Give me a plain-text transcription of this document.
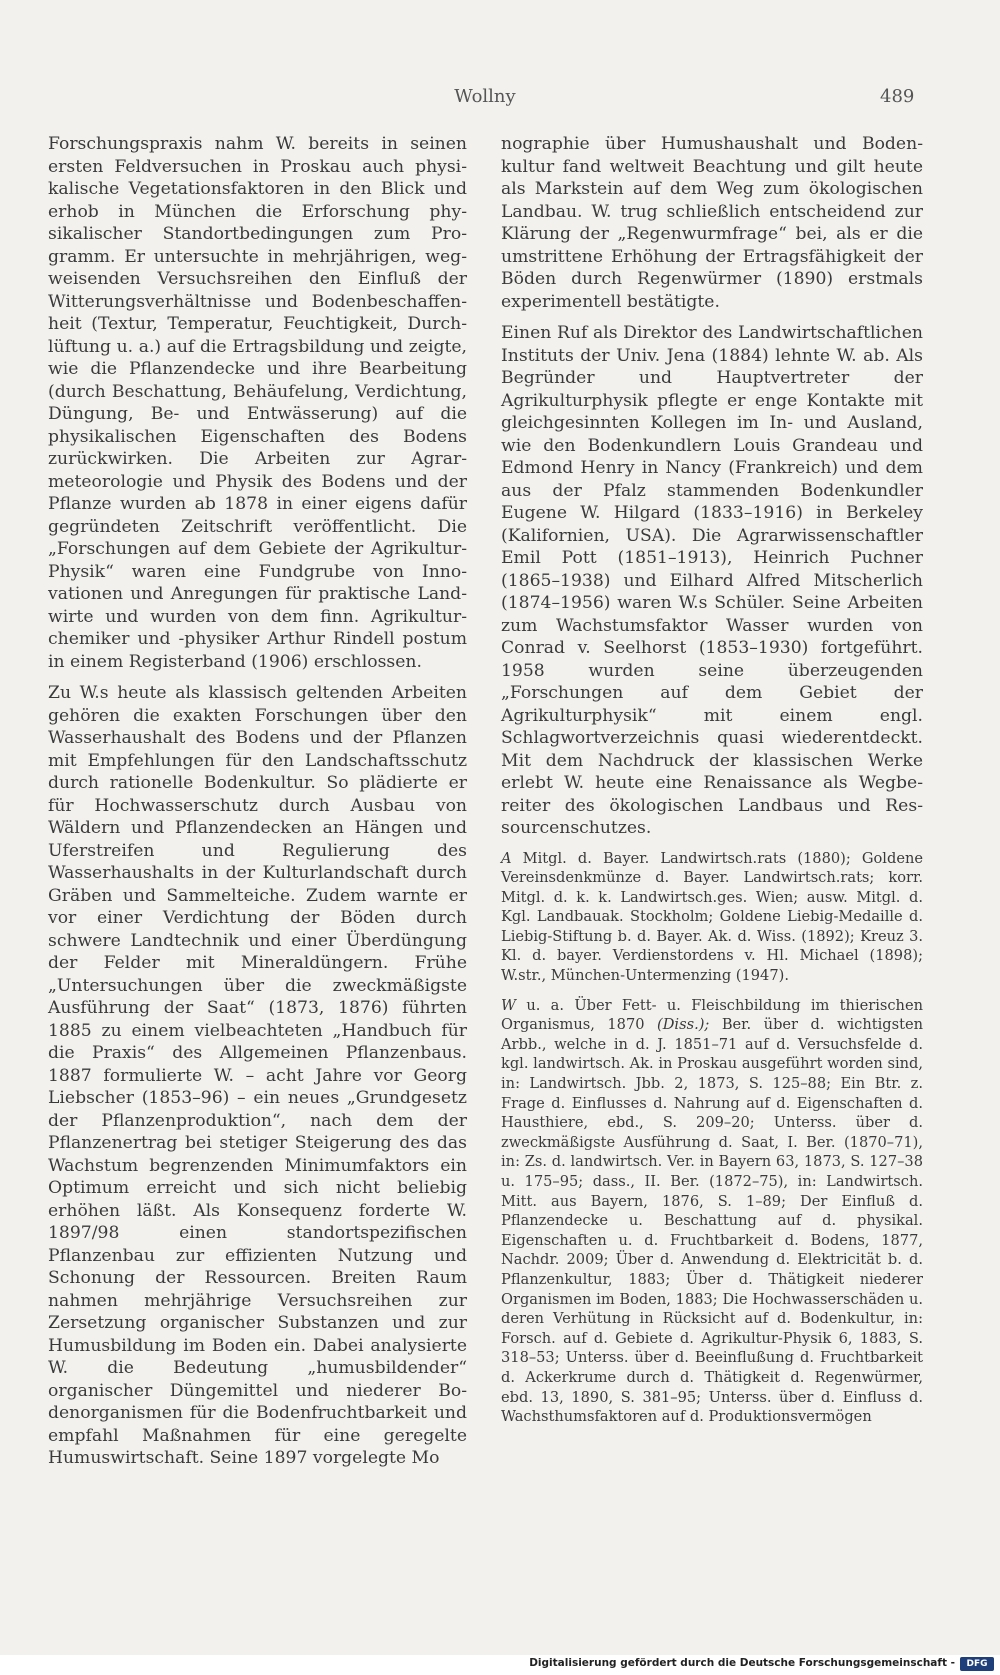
Wollny	489

Forschungspraxis nahm W. bereits in seinen ersten Feldversuchen in Proskau auch physikalische Vegetationsfaktoren in den Blick und erhob in München die Erforschung physikalischer Standortbedingungen zum Programm. Er untersuchte in mehrjährigen, wegweisenden Versuchsreihen den Einfluß der Witterungsverhältnisse und Bodenbeschaffenheit (Textur, Temperatur, Feuchtigkeit, Durchlüftung u. a.) auf die Ertragsbildung und zeigte, wie die Pflanzendecke und ihre Bearbeitung (durch Beschattung, Behäufelung, Verdichtung, Düngung, Be- und Entwässerung) auf die physikalischen Eigenschaften des Bodens zurückwirken. Die Arbeiten zur Agrarmeteorologie und Physik des Bodens und der Pflanze wurden ab 1878 in einer eigens dafür gegründeten Zeitschrift veröffentlicht. Die „Forschungen auf dem Gebiete der Agrikultur-Physik“ waren eine Fundgrube von Innovationen und Anregungen für praktische Landwirte und wurden von dem finn. Agrikulturchemiker und -physiker Arthur Rindell postum in einem Registerband (1906) erschlossen.

Zu W.s heute als klassisch geltenden Arbeiten gehören die exakten Forschungen über den Wasserhaushalt des Bodens und der Pflanzen mit Empfehlungen für den Landschaftsschutz durch rationelle Bodenkultur. So plädierte er für Hochwasserschutz durch Ausbau von Wäldern und Pflanzendecken an Hängen und Uferstreifen und Regulierung des Wasserhaushalts in der Kulturlandschaft durch Gräben und Sammelteiche. Zudem warnte er vor einer Verdichtung der Böden durch schwere Landtechnik und einer Überdüngung der Felder mit Mineraldüngern. Frühe „Untersuchungen über die zweckmäßigste Ausführung der Saat“ (1873, 1876) führten 1885 zu einem vielbeachteten „Handbuch für die Praxis“ des Allgemeinen Pflanzenbaus. 1887 formulierte W. – acht Jahre vor Georg Liebscher (1853–96) – ein neues „Grundgesetz der Pflanzenproduktion“, nach dem der Pflanzenertrag bei stetiger Steigerung des das Wachstum begrenzenden Minimumfaktors ein Optimum erreicht und sich nicht beliebig erhöhen läßt. Als Konsequenz forderte W. 1897/98 einen standortspezifischen Pflanzenbau zur effizienten Nutzung und Schonung der Ressourcen. Breiten Raum nahmen mehrjährige Versuchsreihen zur Zersetzung organischer Substanzen und zur Humusbildung im Boden ein. Dabei analysierte W. die Bedeutung „humusbildender“ organischer Düngemittel und niederer Bodenorganismen für die Bodenfruchtbarkeit und empfahl Maßnahmen für eine geregelte Humuswirtschaft. Seine 1897 vorgelegte Mo

nographie über Humushaushalt und Bodenkultur fand weltweit Beachtung und gilt heute als Markstein auf dem Weg zum ökologischen Landbau. W. trug schließlich entscheidend zur Klärung der „Regenwurmfrage“ bei, als er die umstrittene Erhöhung der Ertragsfähigkeit der Böden durch Regenwürmer (1890) erstmals experimentell bestätigte.

Einen Ruf als Direktor des Landwirtschaftlichen Instituts der Univ. Jena (1884) lehnte W. ab. Als Begründer und Hauptvertreter der Agrikulturphysik pflegte er enge Kontakte mit gleichgesinnten Kollegen im In- und Ausland, wie den Bodenkundlern Louis Grandeau und Edmond Henry in Nancy (Frankreich) und dem aus der Pfalz stammenden Bodenkundler Eugene W. Hilgard (1833–1916) in Berkeley (Kalifornien, USA). Die Agrarwissenschaftler Emil Pott (1851–1913), Heinrich Puchner (1865–1938) und Eilhard Alfred Mitscherlich (1874–1956) waren W.s Schüler. Seine Arbeiten zum Wachstumsfaktor Wasser wurden von Conrad v. Seelhorst (1853–1930) fortgeführt. 1958 wurden seine überzeugenden „Forschungen auf dem Gebiet der Agrikulturphysik“ mit einem engl. Schlagwortverzeichnis quasi wiederentdeckt. Mit dem Nachdruck der klassischen Werke erlebt W. heute eine Renaissance als Wegbereiter des ökologischen Landbaus und Ressourcenschutzes.

A Mitgl. d. Bayer. Landwirtsch.rats (1880); Goldene Vereinsdenkmünze d. Bayer. Landwirtsch.rats; korr. Mitgl. d. k. k. Landwirtsch.ges. Wien; ausw. Mitgl. d. Kgl. Landbauak. Stockholm; Goldene Liebig-Medaille d. Liebig-Stiftung b. d. Bayer. Ak. d. Wiss. (1892); Kreuz 3. Kl. d. bayer. Verdienstordens v. Hl. Michael (1898); W.str., München-Untermenzing (1947).

W u. a. Über Fett- u. Fleischbildung im thierischen Organismus, 1870 (Diss.); Ber. über d. wichtigsten Arbb., welche in d. J. 1851–71 auf d. Versuchsfelde d. kgl. landwirtsch. Ak. in Proskau ausgeführt worden sind, in: Landwirtsch. Jbb. 2, 1873, S. 125–88; Ein Btr. z. Frage d. Einflusses d. Nahrung auf d. Eigenschaften d. Hausthiere, ebd., S. 209–20; Unterss. über d. zweckmäßigste Ausführung d. Saat, I. Ber. (1870–71), in: Zs. d. landwirtsch. Ver. in Bayern 63, 1873, S. 127–38 u. 175–95; dass., II. Ber. (1872–75), in: Landwirtsch. Mitt. aus Bayern, 1876, S. 1–89; Der Einfluß d. Pflanzendecke u. Beschattung auf d. physikal. Eigenschaften u. d. Fruchtbarkeit d. Bodens, 1877, Nachdr. 2009; Über d. Anwendung d. Elektricität b. d. Pflanzenkultur, 1883; Über d. Thätigkeit niederer Organismen im Boden, 1883; Die Hochwasserschäden u. deren Verhütung in Rücksicht auf d. Bodenkultur, in: Forsch. auf d. Gebiete d. Agrikultur-Physik 6, 1883, S. 318–53; Unterss. über d. Beeinflußung d. Fruchtbarkeit d. Ackerkrume durch d. Thätigkeit d. Regenwürmer, ebd. 13, 1890, S. 381–95; Unterss. über d. Einfluss d. Wachsthumsfaktoren auf d. Produktionsvermögen

Digitalisierung gefördert durch die Deutsche Forschungsgemeinschaft -	DFG
